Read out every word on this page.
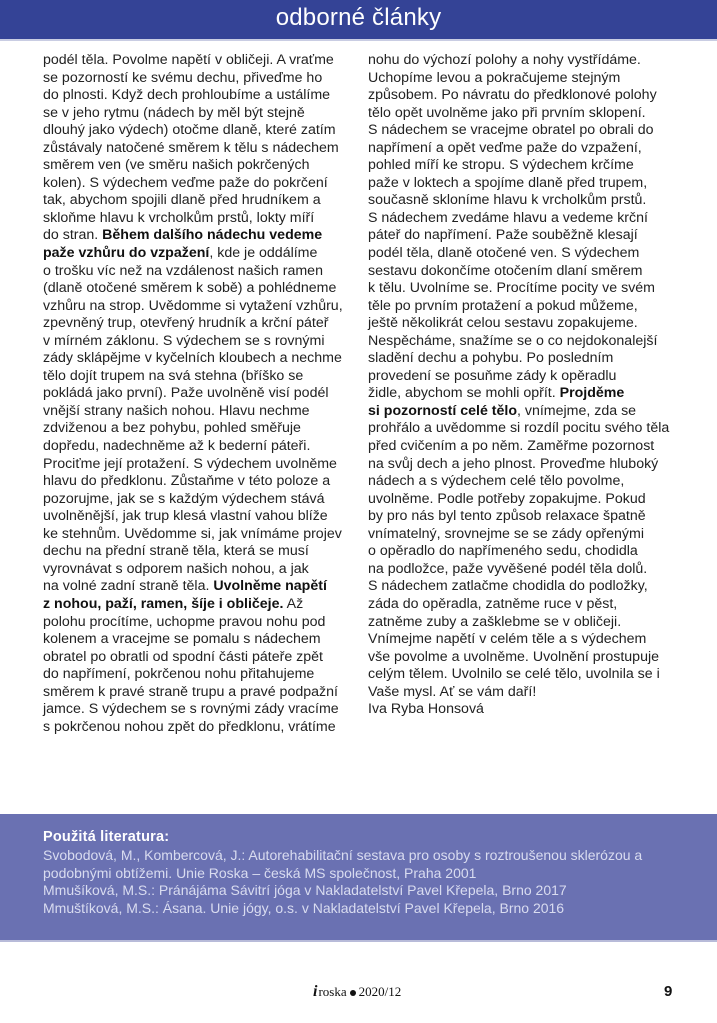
odborné články
podél těla. Povolme napětí v obličeji. A vraťme
se pozorností ke svému dechu, přiveďme ho
do plnosti. Když dech prohloubíme a ustálíme
se v jeho rytmu (nádech by měl být stejně
dlouhý jako výdech) otočme dlaně, které zatím
zůstávaly natočené směrem k tělu s nádechem
směrem ven (ve směru našich pokrčených
kolen). S výdechem veďme paže do pokrčení
tak, abychom spojili dlaně před hrudníkem a
skloňme hlavu k vrcholkům prstů, lokty míří
do stran. Během dalšího nádechu vedeme
paže vzhůru do vzpažení, kde je oddálíme
o trošku víc než na vzdálenost našich ramen
(dlaně otočené směrem k sobě) a pohlédneme
vzhůru na strop. Uvědomme si vytažení vzhůru,
zpevněný trup, otevřený hrudník a krční páteř
v mírném záklonu. S výdechem se s rovnými
zády sklápějme v kyčelních kloubech a nechme
tělo dojít trupem na svá stehna (bříško se
pokládá jako první). Paže uvolněně visí podél
vnější strany našich nohou. Hlavu nechme
zdviženou a bez pohybu, pohled směřuje
dopředu, nadechněme až k bederní páteři.
Prociťme její protažení. S výdechem uvolněme
hlavu do předklonu. Zůstaňme v této poloze a
pozorujme, jak se s každým výdechem stává
uvolněnější, jak trup klesá vlastní vahou blíže
ke stehnům. Uvědomme si, jak vnímáme projev
dechu na přední straně těla, která se musí
vyrovnávat s odporem našich nohou, a jak
na volné zadní straně těla. Uvolněme napětí
z nohou, paží, ramen, šíje i obličeje. Až
polohu procítíme, uchopme pravou nohu pod
kolenem a vracejme se pomalu s nádechem
obratel po obratli od spodní části páteře zpět
do napřímení, pokrčenou nohu přitahujeme
směrem k pravé straně trupu a pravé podpažní
jamce. S výdechem se s rovnými zády vracíme
s pokrčenou nohou zpět do předklonu, vrátíme
nohu do výchozí polohy a nohy vystřídáme.
Uchopíme levou a pokračujeme stejným
způsobem. Po návratu do předklonové polohy
tělo opět uvolněme jako při prvním sklopení.
S nádechem se vracejme obratel po obrali do
napřímení a opět veďme paže do vzpažení,
pohled míří ke stropu. S výdechem krčíme
paže v loktech a spojíme dlaně před trupem,
současně skloníme hlavu k vrcholkům prstů.
S nádechem zvedáme hlavu a vedeme krční
páteř do napřímení. Paže souběžně klesají
podél těla, dlaně otočené ven. S výdechem
sestavu dokončíme otočením dlaní směrem
k tělu. Uvolníme se. Procítíme pocity ve svém
těle po prvním protažení a pokud můžeme,
ještě několikrát celou sestavu zopakujeme.
Nespěcháme, snažíme se o co nejdokonalejší
sladění dechu a pohybu. Po posledním
provedení se posuňme zády k opěradlu
židle, abychom se mohli opřít. Projděme
si pozorností celé tělo, vnímejme, zda se
prohřálo a uvědomme si rozdíl pocitu svého těla
před cvičením a po něm. Zaměřme pozornost
na svůj dech a jeho plnost. Proveďme hluboký
nádech a s výdechem celé tělo povolme,
uvolněme. Podle potřeby zopakujme. Pokud
by pro nás byl tento způsob relaxace špatně
vnímatelný, srovnejme se se zády opřenými
o opěradlo do napřímeného sedu, chodidla
na podložce, paže vyvěšené podél těla dolů.
S nádechem zatlačme chodidla do podložky,
záda do opěradla, zatněme ruce v pěst,
zatněme zuby a zašklebme se v obličeji.
Vnímejme napětí v celém těle a s výdechem
vše povolme a uvolněme. Uvolnění prostupuje
celým tělem. Uvolnilo se celé tělo, uvolnila se i
Vaše mysl. Ať se vám daří!
Iva Ryba Honsová
Použitá literatura:
Svobodová, M., Kombercová, J.: Autorehabilitační sestava pro osoby s roztroušenou sklerózou a
podobnými obtížemi. Unie Roska – česká MS společnost, Praha 2001
Mmušíková, M.S.: Pránájáma Sávitrí jóga v Nakladatelství Pavel Křepela, Brno 2017
Mmuštíková, M.S.: Ásana. Unie jógy, o.s. v Nakladatelství Pavel Křepela, Brno 2016
i roska 2020/12	9
